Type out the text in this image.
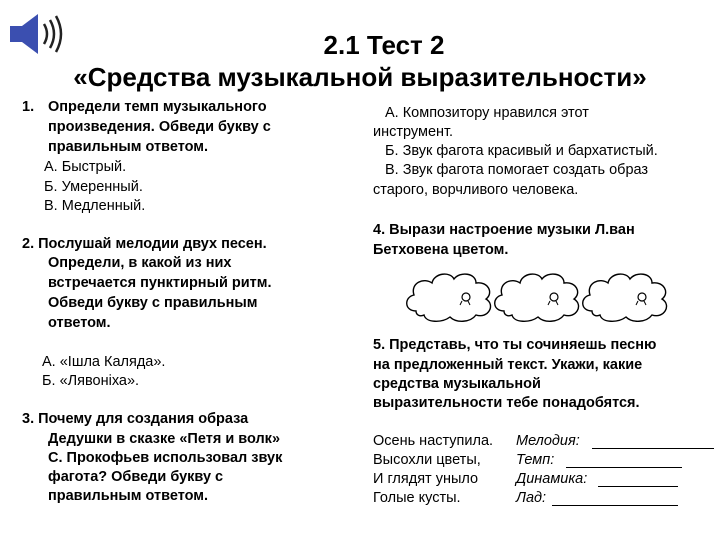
2.1 Тест 2
«Средства музыкальной выразительности»
1. Определи темп музыкального
произведения. Обведи букву с
правильным ответом.
А. Быстрый.
Б. Умеренный.
В. Медленный.
2. Послушай мелодии двух песен.
Определи, в какой из них
встречается пунктирный ритм.
Обведи букву с правильным
ответом.
А. «Ішла Каляда».
Б. «Лявоніха».
3. Почему для создания образа
Дедушки в сказке «Петя и волк»
С. Прокофьев использовал звук
фагота? Обведи букву с
правильным ответом.
А. Композитору нравился этот
инструмент.
Б. Звук фагота красивый и бархатистый.
В. Звук фагота помогает создать образ
старого, ворчливого человека.
4. Вырази настроение музыки Л.ван
Бетховена цветом.
5. Представь, что ты сочиняешь песню
на предложенный текст. Укажи, какие
средства музыкальной
выразительности тебе понадобятся.
Осень наступила.
Высохли цветы,
И глядят уныло
Голые кусты.
Мелодия:
Темп:
Динамика:
Лад:
